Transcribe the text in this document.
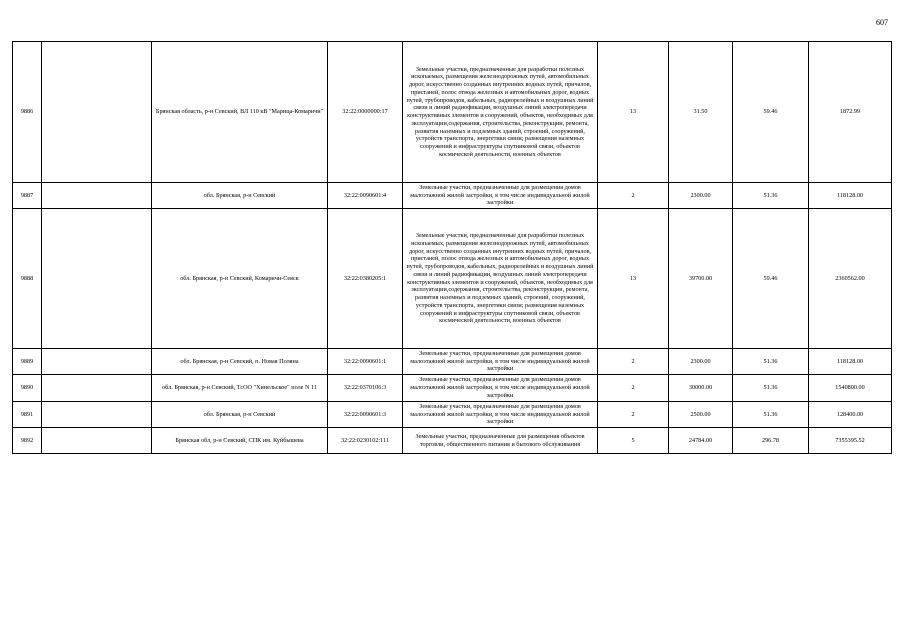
607
9886		Брянская область, р-н Севский, ВЛ 110 кВ "Марица-Комаричи"	32:22:0000000:17	Земельные участки, предназначенные для разработки полезных ископаемых, размещения железнодорожных путей, автомобильных дорог, искусственно созданных внутренних водных путей, причалов, пристаней, полос отвода железных и автомобильных дорог, водных путей, трубопроводов, кабельных, радиорелейных и воздушных линий связи и линий радиофикации, воздушных линий электропередачи конструктивных элементов и сооружений, объектов, необходимых для эксплуатации,содержания, строительства, реконструкции, ремонта, развития наземных и подземных зданий, строений, сооружений, устройств транспорта, энергетики связи; размещения наземных сооружений и инфраструктуры спутниковой связи, объектов космической деятельности, военных объектов	13	31.50	59.46	1872.99
9887		обл. Брянская, р-н Севский	32:22:0090601:4	Земельные участки, предназначенные для размещения домов малоэтажной жилой застройки, в том числе индивидуальной жилой застройки	2	2300.00	51.36	118128.00
9888		обл. Брянская, р-н Севский, Комаричи-Севск	32:22:0380205:1	Земельные участки, предназначенные для разработки полезных ископаемых, размещения железнодорожных путей, автомобильных дорог, искусственно созданных внутренних водных путей, причалов, пристаней, полос отвода железных и автомобильных дорог, водных путей, трубопроводов, кабельных, радиорелейных и воздушных линий связи и линий радиофикации, воздушных линий электропередачи конструктивных элементов и сооружений, объектов, необходимых для эксплуатации,содержания, строительства, реконструкции, ремонта, развития наземных и подземных зданий, строений, сооружений, устройств транспорта, энергетики связи; размещения наземных сооружений и инфраструктуры спутниковой связи, объектов космической деятельности, военных объектов	13	39700.00	59.46	2360562.00
9889		обл. Брянская, р-н Севский, п. Новая Поляна	32:22:0090601:1	Земельные участки, предназначенные для размещения домов малоэтажной жилой застройки, в том числе индивидуальной жилой застройки	2	2300.00	51.36	118128.00
9890		обл. Брянская, р-н Севский, ТсОО "Хинельское" поле N 11	32:22:0370106:3	Земельные участки, предназначенные для размещения домов малоэтажной жилой застройки, в том числе индивидуальной жилой застройки	2	30000.00	51.36	1540800.00
9891		обл. Брянская, р-н Севский	32:22:0090601:3	Земельные участки, предназначенные для размещения домов малоэтажной жилой застройки, в том числе индивидуальной жилой застройки	2	2500.00	51.36	128400.00
9892		Брянская обл, р-н Севский, СПК им. Куйбышева	32:22:0230102:111	Земельные участки, предназначенные для размещения объектов торговли, общественного питания и бытового обслуживания	5	24784.00	296.78	7355395.52
